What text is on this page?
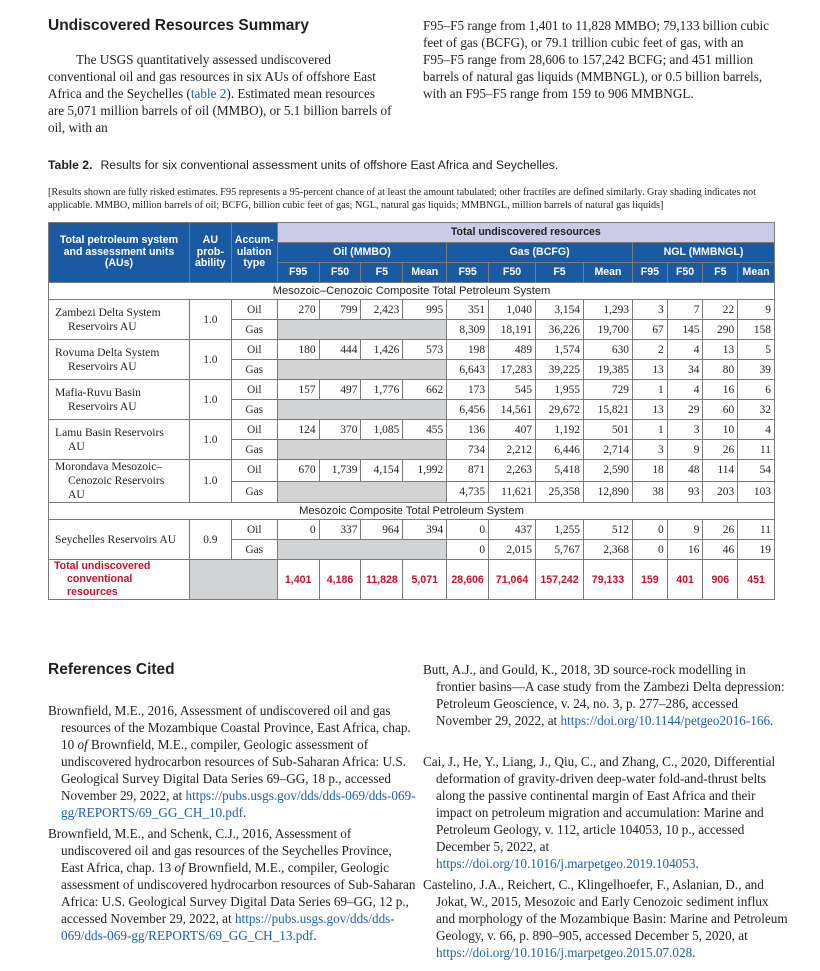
Undiscovered Resources Summary

The USGS quantitatively assessed undiscovered conventional oil and gas resources in six AUs of offshore East Africa and the Seychelles (table 2). Estimated mean resources are 5,071 million barrels of oil (MMBO), or 5.1 billion barrels of oil, with an

F95–F5 range from 1,401 to 11,828 MMBO; 79,133 billion cubic feet of gas (BCFG), or 79.1 trillion cubic feet of gas, with an F95–F5 range from 28,606 to 157,242 BCFG; and 451 million barrels of natural gas liquids (MMBNGL), or 0.5 billion barrels, with an F95–F5 range from 159 to 906 MMBNGL.

Table 2. Results for six conventional assessment units of offshore East Africa and Seychelles.

[Results shown are fully risked estimates. F95 represents a 95-percent chance of at least the amount tabulated; other fractiles are defined similarly. Gray shading indicates not applicable. MMBO, million barrels of oil; BCFG, billion cubic feet of gas; NGL, natural gas liquids; MMBNGL, million barrels of natural gas liquids]

Total petroleum system and assessment units (AUs)	AU prob-ability	Accum-ulation type	Total undiscovered resources											
			Oil (MMBO)				Gas (BCFG)				NGL (MMBNGL)			
			F95	F50	F5	Mean	F95	F50	F5	Mean	F95	F50	F5	Mean
Mesozoic–Cenozoic Composite Total Petroleum System														

Zambezi Delta System
Reservoirs AU	1.0	Oil	270	799	2,423	995	351	1,040	3,154	1,293	3	7	22	9
		Gas					8,309	18,191	36,226	19,700	67	145	290	158

Rovuma Delta System
Reservoirs AU	1.0	Oil	180	444	1,426	573	198	489	1,574	630	2	4	13	5
		Gas					6,643	17,283	39,225	19,385	13	34	80	39

Mafia-Ruvu Basin
Reservoirs AU	1.0	Oil	157	497	1,776	662	173	545	1,955	729	1	4	16	6
		Gas					6,456	14,561	29,672	15,821	13	29	60	32

Lamu Basin Reservoirs
AU	1.0	Oil	124	370	1,085	455	136	407	1,192	501	1	3	10	4
		Gas					734	2,212	6,446	2,714	3	9	26	11

Morondava Mesozoic–
Cenozoic Reservoirs
AU	1.0	Oil	670	1,739	4,154	1,992	871	2,263	5,418	2,590	18	48	114	54
		Gas					4,735	11,621	25,358	12,890	38	93	203	103
Mesozoic Composite Total Petroleum System														

Seychelles Reservoirs AU	0.9	Oil	0	337	964	394	0	437	1,255	512	0	9	26	11
		Gas					0	2,015	5,767	2,368	0	16	46	19

Total undiscovered
conventional resources			1,401	4,186	11,828	5,071	28,606	71,064	157,242	79,133	159	401	906	451
References Cited

Brownfield, M.E., 2016, Assessment of undiscovered oil and gas resources of the Mozambique Coastal Province, East Africa, chap. 10 of Brownfield, M.E., compiler, Geologic assessment of undiscovered hydrocarbon resources of Sub-Saharan Africa: U.S. Geological Survey Digital Data Series 69–GG, 18 p., accessed November 29, 2022, at https://pubs.usgs.gov/dds/dds-069/dds-069-gg/REPORTS/69_GG_CH_10.pdf.

Brownfield, M.E., and Schenk, C.J., 2016, Assessment of undiscovered oil and gas resources of the Seychelles Province, East Africa, chap. 13 of Brownfield, M.E., compiler, Geologic assessment of undiscovered hydrocarbon resources of Sub-Saharan Africa: U.S. Geological Survey Digital Data Series 69–GG, 12 p., accessed November 29, 2022, at https://pubs.usgs.gov/dds/dds-069/dds-069-gg/REPORTS/69_GG_CH_13.pdf.

Butt, A.J., and Gould, K., 2018, 3D source-rock modelling in frontier basins—A case study from the Zambezi Delta depression: Petroleum Geoscience, v. 24, no. 3, p. 277–286, accessed November 29, 2022, at https://doi.org/10.1144/petgeo2016-166.

Cai, J., He, Y., Liang, J., Qiu, C., and Zhang, C., 2020, Differential deformation of gravity-driven deep-water fold-and-thrust belts along the passive continental margin of East Africa and their impact on petroleum migration and accumulation: Marine and Petroleum Geology, v. 112, article 104053, 10 p., accessed December 5, 2022, at https://doi.org/10.1016/j.marpetgeo.2019.104053.

Castelino, J.A., Reichert, C., Klingelhoefer, F., Aslanian, D., and Jokat, W., 2015, Mesozoic and Early Cenozoic sediment influx and morphology of the Mozambique Basin: Marine and Petroleum Geology, v. 66, p. 890–905, accessed December 5, 2020, at https://doi.org/10.1016/j.marpetgeo.2015.07.028.
